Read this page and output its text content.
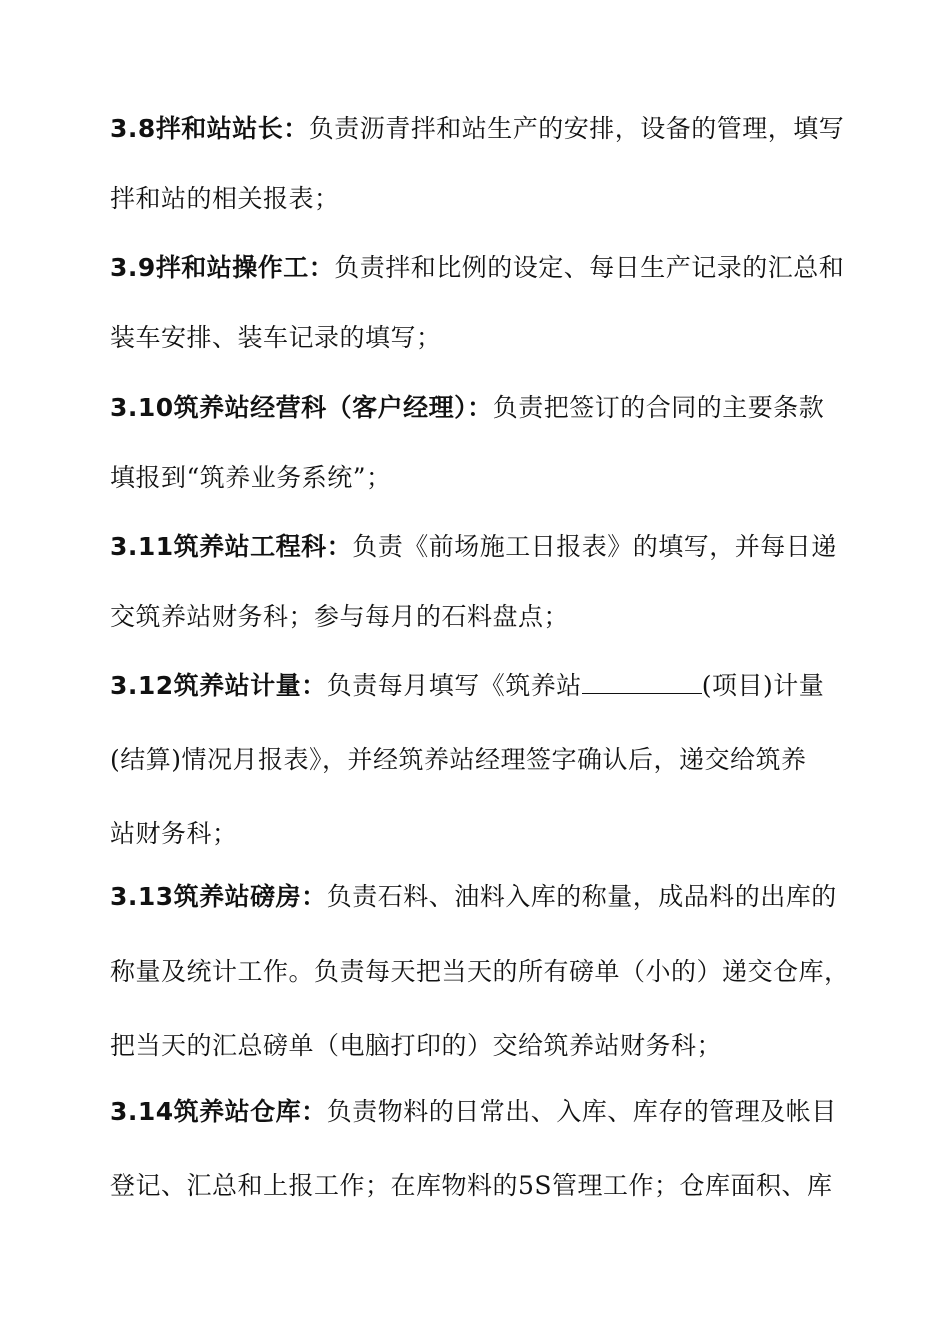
3.8拌和站站长：负责沥青拌和站生产的安排，设备的管理，填写
拌和站的相关报表；
3.9拌和站操作工：负责拌和比例的设定、每日生产记录的汇总和
装车安排、装车记录的填写；
3.10筑养站经营科（客户经理）：负责把签订的合同的主要条款
填报到“筑养业务系统”；
3.11筑养站工程科：负责《前场施工日报表》的填写，并每日递
交筑养站财务科；参与每月的石料盘点；
3.12筑养站计量：负责每月填写《筑养站	(项目)计量
(结算)情况月报表》，并经筑养站经理签字确认后，递交给筑养
站财务科；
3.13筑养站磅房：负责石料、油料入库的称量，成品料的出库的
称量及统计工作。负责每天把当天的所有磅单（小的）递交仓库，
把当天的汇总磅单（电脑打印的）交给筑养站财务科；
3.14筑养站仓库：负责物料的日常出、入库、库存的管理及帐目
登记、汇总和上报工作；在库物料的5S管理工作；仓库面积、库
